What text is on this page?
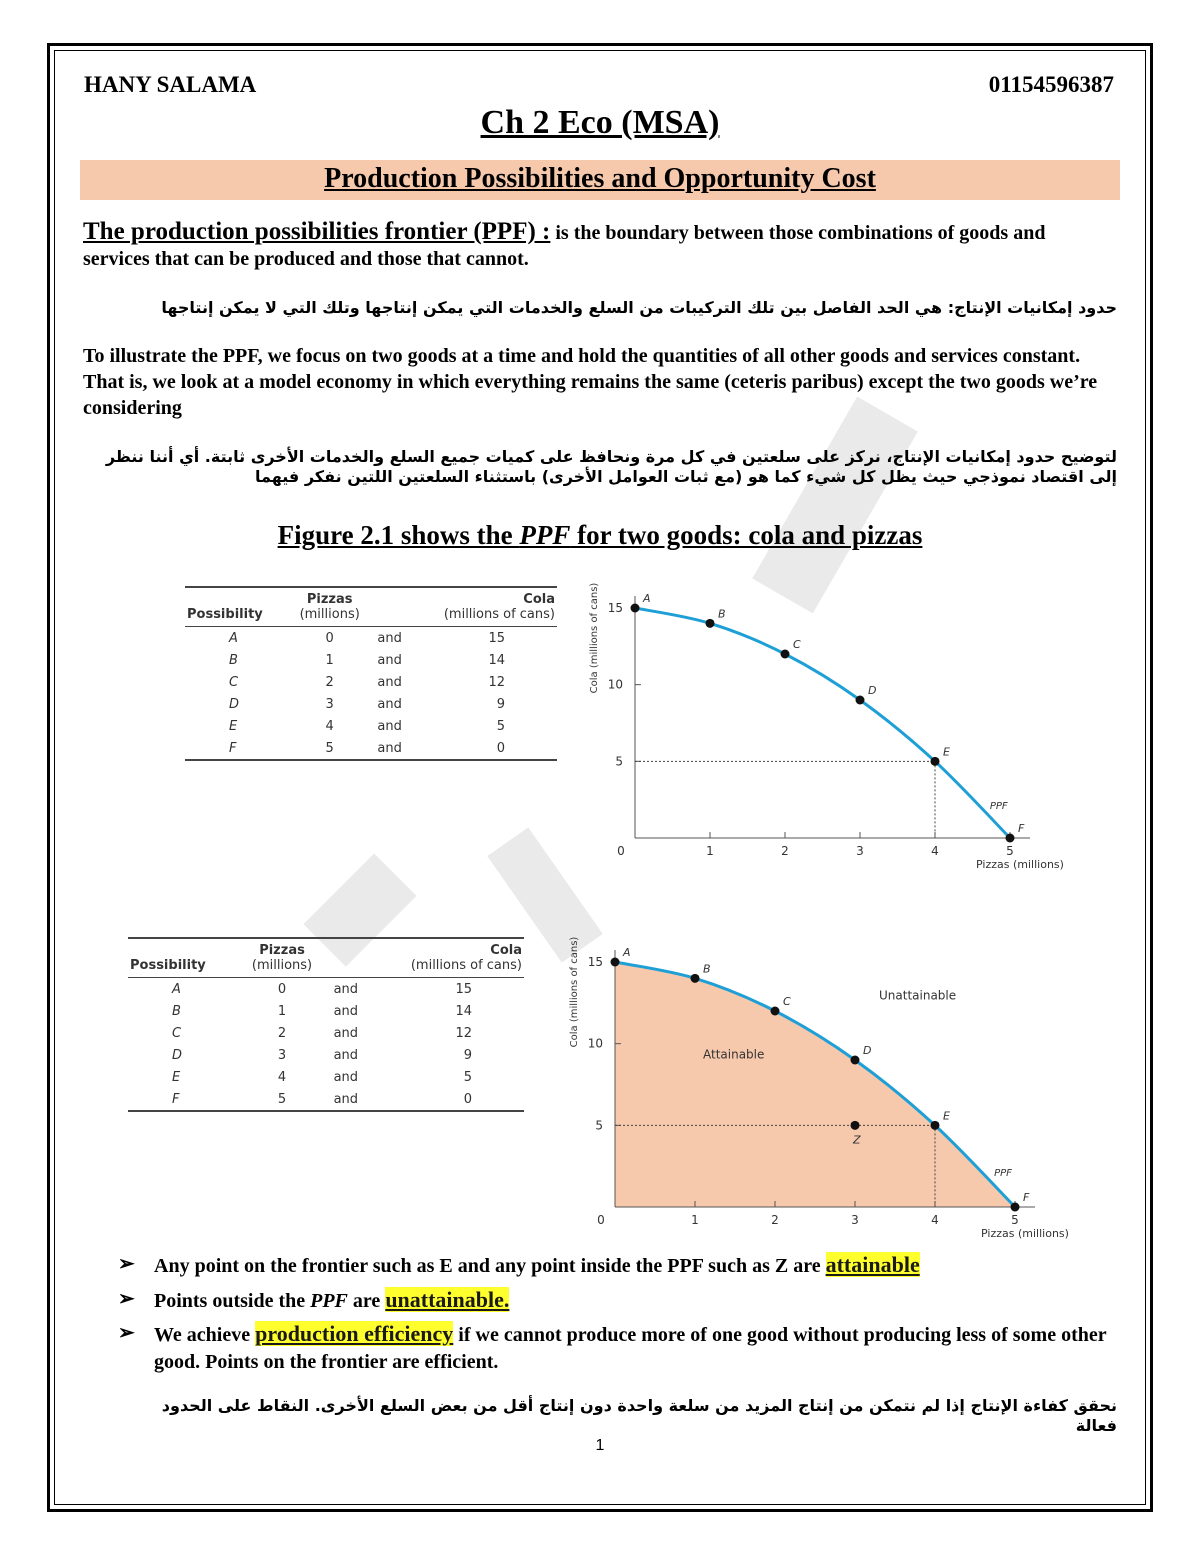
HANY SALAMA	01154596387
Ch 2 Eco (MSA)
Production Possibilities and Opportunity Cost
The production possibilities frontier (PPF) : is the boundary between those combinations of goods and services that can be produced and those that cannot.
حدود إمكانيات الإنتاج: هي الحد الفاصل بين تلك التركيبات من السلع والخدمات التي يمكن إنتاجها وتلك التي لا يمكن إنتاجها
To illustrate the PPF, we focus on two goods at a time and hold the quantities of all other goods and services constant. That is, we look at a model economy in which everything remains the same (ceteris paribus) except the two goods we’re considering
لتوضيح حدود إمكانيات الإنتاج، نركز على سلعتين في كل مرة ونحافظ على كميات جميع السلع والخدمات الأخرى ثابتة. أي أننا ننظر إلى اقتصاد نموذجي حيث يظل كل شيء كما هو (مع ثبات العوامل الأخرى) باستثناء السلعتين اللتين نفكر فيهما
Figure 2.1 shows the PPF for two goods: cola and pizzas
Possibility	Pizzas
(millions)		Cola
(millions of cans)
A	0	and	15
B	1	and	14
C	2	and	12
D	3	and	9
E	4	and	5
F	5	and	0
Possibility	Pizzas
(millions)		Cola
(millions of cans)
A	0	and	15
B	1	and	14
C	2	and	12
D	3	and	9
E	4	and	5
F	5	and	0
0	1	2	3	4	5
5
10
15
Pizzas (millions)
Cola (millions of cans)	A
B
C
D
E
F
PPF
0	1	2	3	4	5
5
10
15
Pizzas (millions)
Cola (millions of cans)	A
B
C
D
E
F
Z
PPF
Unattainable
Attainable
➢ Any point on the frontier such as E and any point inside the PPF such as Z are attainable
➢ Points outside the PPF are unattainable.
➢ We achieve production efficiency if we cannot produce more of one good without producing less of some other good. Points on the frontier are efficient.
نحقق كفاءة الإنتاج إذا لم نتمكن من إنتاج المزيد من سلعة واحدة دون إنتاج أقل من بعض السلع الأخرى. النقاط على الحدود فعالة
1
